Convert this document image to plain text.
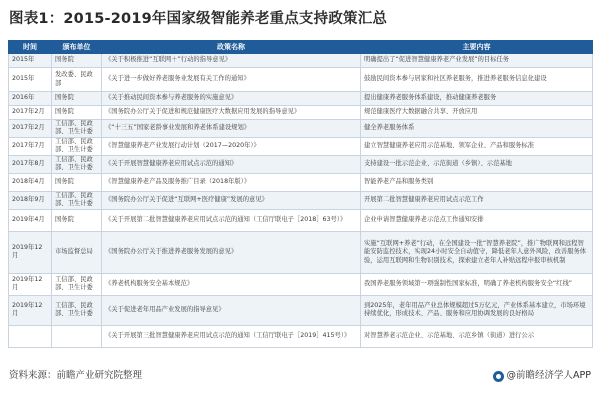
图表1：2015-2019年国家级智能养老重点支持政策汇总
时间	颁布单位	政策名称	主要内容
2015年	国务院	《关于积极推进“互联网＋”行动的指导意见》	明确提出了“促进智慧健康养老产业发展”的目标任务
2015年	发改委、民政部	《关于进一步做好养老服务业发展有关工作的通知》	鼓励民间资本参与居家和社区养老服务，推进养老服务信息化建设
2016年	国务院	《关于推动民间资本参与养老服务的实施意见》	提出健康养老服务体系建设，推动健康养老服务
2017年2月	国务院	《国务院办公厅关于促进和规范健康医疗大数据应用发展的指导意见》	规范健康医疗大数据融合共享、开放应用
2017年2月	工信部、民政部、卫生计委	《“十三五”国家老龄事业发展和养老体系建设规划》	健全养老服务体系
2017年7月	工信部、民政部、卫生计委	《智慧健康养老产业发展行动计划（2017—2020年）》	建立智慧健康养老应用示范基地、领军企业、产品和服务标准
2017年8月	工信部、民政部、卫生计委	《关于开展智慧健康养老应用试点示范的通知》	支持建设一批示范企业、示范街道（乡镇）、示范基地
2018年4月	国务院	《智慧健康养老产品及服务推广目录（2018年版）》	智能养老产品和服务类别
2018年9月	工信部、民政部、卫生计委	《国务院办公厅关于促进“互联网+医疗健康”发展的意见》	开展第二批智慧健康养老应用试点示范工作
2019年4月	国务院	《关于开展第二批智慧健康养老应用试点示范的通知（工信厅联电子［2018］63号）》	企业申请智慧健康养老示范点工作通知安排
2019年12月	市场监督总局	《国务院办公厅关于推进养老服务发展的意见》	实施“互联网+养老”行动，在全国建设一批“智慧养老院”，推广物联网和远程智能安防监控技术，实现24小时安全自动值守，降低老年人意外风险，改善服务体验，运用互联网和生物识别技术，探索建立老年人补贴远程申报审核机制
2019年12月	工信部、民政部、卫生计委	《养老机构服务安全基本规范》	我国养老服务领域第一项强制性国家标准，明确了养老机构服务安全“红线”
2019年12月	工信部、民政部、卫生计委	《关于促进老年用品产业发展的指导意见》	到2025年，老年用品产业总体规模超过5万亿元，产业体系基本建立，市场环境持续优化，形成技术、产品、服务和应用协调发展的良好格局
		《关于开展第三批智慧健康养老应用试点示范的通知（工信厅联电子［2019］415号）》	对智慧养老示范企业、示范基地、示范乡镇（街道）进行公示
资料来源：前瞻产业研究院整理	@前瞻经济学人APP
